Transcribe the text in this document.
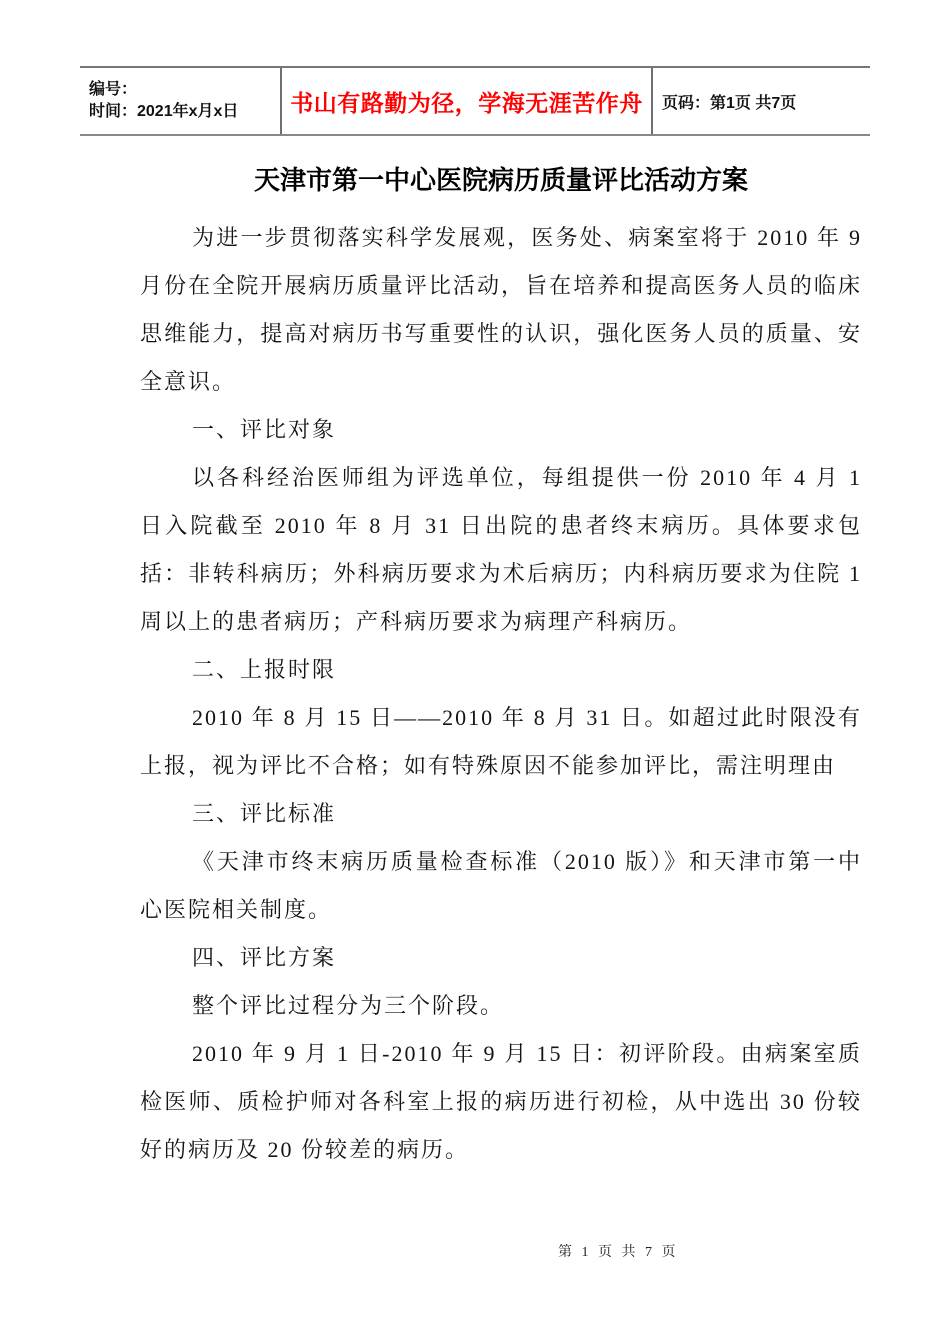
编号：
时间：2021年x月x日	书山有路勤为径，学海无涯苦作舟 页码：第1页 共7页
天津市第一中心医院病历质量评比活动方案

为进一步贯彻落实科学发展观，医务处、病案室将于 2010 年 9 月份在全院开展病历质量评比活动，旨在培养和提高医务人员的临床思维能力，提高对病历书写重要性的认识，强化医务人员的质量、安全意识。

一、评比对象

以各科经治医师组为评选单位，每组提供一份 2010 年 4 月 1 日入院截至 2010 年 8 月 31 日出院的患者终末病历。具体要求包括：非转科病历；外科病历要求为术后病历；内科病历要求为住院 1 周以上的患者病历；产科病历要求为病理产科病历。

二、上报时限

2010 年 8 月 15 日——2010 年 8 月 31 日。如超过此时限没有上报，视为评比不合格；如有特殊原因不能参加评比，需注明理由

三、评比标准

《天津市终末病历质量检查标准（2010 版）》和天津市第一中心医院相关制度。

四、评比方案

整个评比过程分为三个阶段。

2010 年 9 月 1 日-2010 年 9 月 15 日：初评阶段。由病案室质检医师、质检护师对各科室上报的病历进行初检，从中选出 30 份较好的病历及 20 份较差的病历。

第 1 页 共 7 页
